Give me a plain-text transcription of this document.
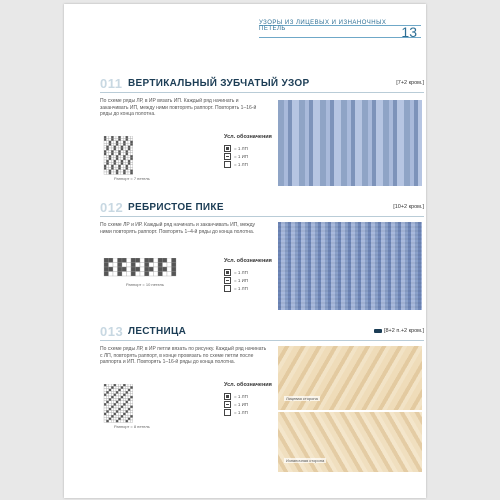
УЗОРЫ ИЗ ЛИЦЕВЫХ И ИЗНАНОЧНЫХ ПЕТЕЛЬ	13
011 ВЕРТИКАЛЬНЫЙ ЗУБЧАТЫЙ УЗОР	[7+2 кром.]
По схеме ряды ЛР, в ИР вязать ИП. Каждый ряд начинать и заканчивать ИП, между ними повторять раппорт. Повторять 1–16-й ряды до конца полотна.
Раппорт = 7 петель
Усл. обозначения
= 1 ЛП
= 1 ИП
= 1 ЛП
012 РЕБРИСТОЕ ПИКЕ	[10+2 кром.]
По схеме ЛР и ИР. Каждый ряд начинать и заканчивать ИП, между ними повторять раппорт. Повторять 1–4-й ряды до конца полотна.
Раппорт = 10 петель
Усл. обозначения
= 1 ЛП
= 1 ИП
= 1 ЛП
013 ЛЕСТНИЦА	[8+2 п.+2 кром.]
По схеме ряды ЛР, в ИР петли вязать по рисунку. Каждый ряд начинать с ЛП, повторять раппорт, в конце провязать по схеме петли после раппорта и ИП. Повторять 1–16-й ряды до конца полотна.
Раппорт = 8 петель
Усл. обозначения
= 1 ЛП
= 1 ИП
= 1 ЛП
Лицевая сторона
Изнаночная сторона
